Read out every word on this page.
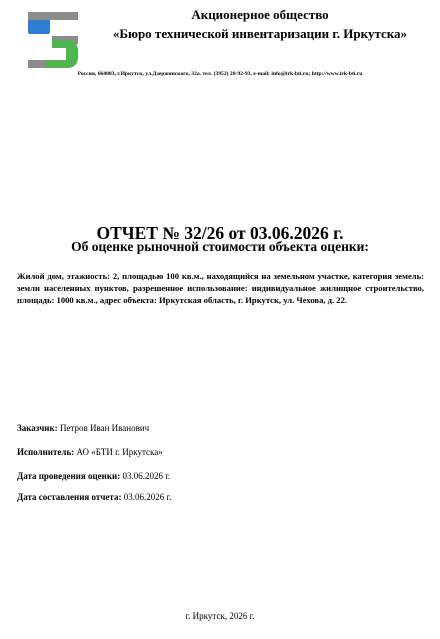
Акционерное общество
«Бюро технической инвентаризации г. Иркутска»
Россия, 664003, г.Иркутск, ул.Дзержинского, 32а. тел. (3952) 20-92-93, e-mail: info@irk-bti.ru; http://www.irk-bti.ru
ОТЧЕТ № 32/26 от 03.06.2026 г.
Об оценке рыночной стоимости объекта оценки:
Жилой дом, этажность: 2, площадью 100 кв.м., находящийся на земельном участке, категория земель: земли населенных пунктов, разрешенное использование: индивидуальное жилищное строительство, площадь: 1000 кв.м., адрес объекта: Иркутская область, г. Иркутск, ул. Чехова, д. 22.
Заказчик: Петров Иван Иванович
Исполнитель: АО «БТИ г. Иркутска»
Дата проведения оценки: 03.06.2026 г.
Дата составления отчета: 03.06.2026 г.
г. Иркутск, 2026 г.
